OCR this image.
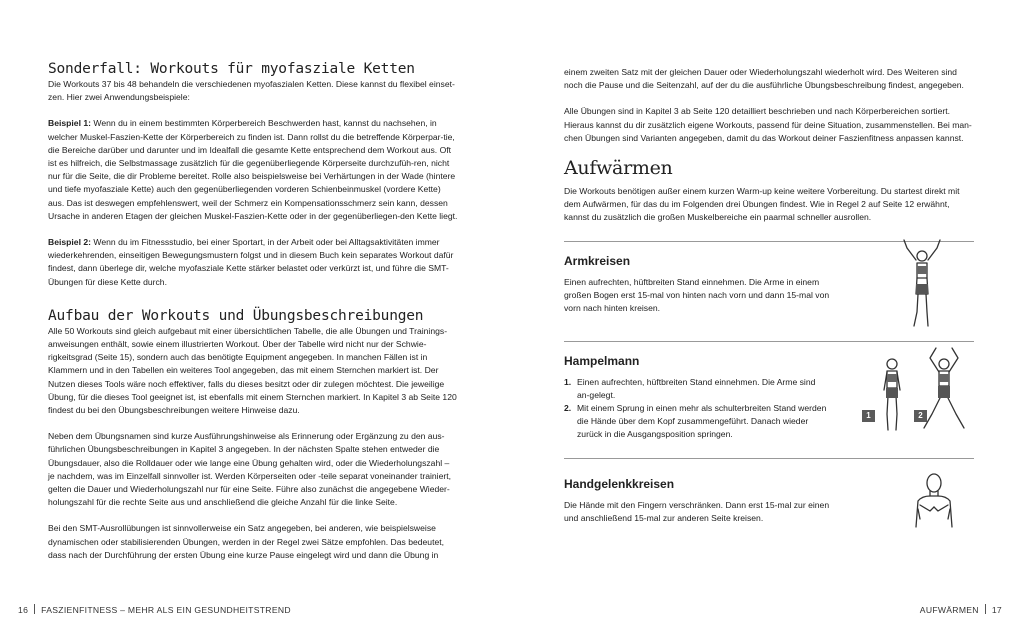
Sonderfall: Workouts für myofasziale Ketten

Die Workouts 37 bis 48 behandeln die verschiedenen myofaszialen Ketten. Diese kannst du flexibel einset-zen. Hier zwei Anwendungsbeispiele:

Beispiel 1: Wenn du in einem bestimmten Körperbereich Beschwerden hast, kannst du nachsehen, in welcher Muskel-Faszien-Kette der Körperbereich zu finden ist. Dann rollst du die betreffende Körperpar-tie, die Bereiche darüber und darunter und im Idealfall die gesamte Kette entsprechend dem Workout aus. Oft ist es hilfreich, die Selbstmassage zusätzlich für die gegenüberliegende Körperseite durchzufüh-ren, nicht nur für die Seite, die dir Probleme bereitet. Rolle also beispielsweise bei Verhärtungen in der Wade (hintere und tiefe myofasziale Kette) auch den gegenüberliegenden vorderen Schienbeinmuskel (vordere Kette) aus. Das ist deswegen empfehlenswert, weil der Schmerz ein Kompensationsschmerz sein kann, dessen Ursache in anderen Etagen der gleichen Muskel-Faszien-Kette oder in der gegenüberliegen-den Kette liegt.

Beispiel 2: Wenn du im Fitnessstudio, bei einer Sportart, in der Arbeit oder bei Alltagsaktivitäten immer wiederkehrenden, einseitigen Bewegungsmustern folgst und in diesem Buch kein separates Workout dafür findest, dann überlege dir, welche myofasziale Kette stärker belastet oder verkürzt ist, und führe die SMT-Übungen für diese Kette durch.

Aufbau der Workouts und Übungsbeschreibungen

Alle 50 Workouts sind gleich aufgebaut mit einer übersichtlichen Tabelle, die alle Übungen und Trainings-anweisungen enthält, sowie einem illustrierten Workout. Über der Tabelle wird nicht nur der Schwie-rigkeitsgrad (Seite 15), sondern auch das benötigte Equipment angegeben. In manchen Fällen ist in Klammern und in den Tabellen ein weiteres Tool angegeben, das mit einem Sternchen markiert ist. Der Nutzen dieses Tools wäre noch effektiver, falls du dieses besitzt oder dir zulegen möchtest. Die jeweilige Übung, für die dieses Tool geeignet ist, ist ebenfalls mit einem Sternchen markiert. In Kapitel 3 ab Seite 120 findest du bei den Übungsbeschreibungen weitere Hinweise dazu.

Neben dem Übungsnamen sind kurze Ausführungshinweise als Erinnerung oder Ergänzung zu den aus-führlichen Übungsbeschreibungen in Kapitel 3 angegeben. In der nächsten Spalte stehen entweder die Übungsdauer, also die Rolldauer oder wie lange eine Übung gehalten wird, oder die Wiederholungszahl – je nachdem, was im Einzelfall sinnvoller ist. Werden Körperseiten oder -teile separat voneinander trainiert, gelten die Dauer und Wiederholungszahl nur für eine Seite. Führe also zunächst die angegebene Wieder-holungszahl für die rechte Seite aus und anschließend die gleiche Anzahl für die linke Seite.

Bei den SMT-Ausrollübungen ist sinnvollerweise ein Satz angegeben, bei anderen, wie beispielsweise dynamischen oder stabilisierenden Übungen, werden in der Regel zwei Sätze empfohlen. Das bedeutet, dass nach der Durchführung der ersten Übung eine kurze Pause eingelegt wird und dann die Übung in

16 FASZIENFITNESS – MEHR ALS EIN GESUNDHEITSTREND

einem zweiten Satz mit der gleichen Dauer oder Wiederholungszahl wiederholt wird. Des Weiteren sind noch die Pause und die Seitenzahl, auf der du die ausführliche Übungsbeschreibung findest, angegeben.

Alle Übungen sind in Kapitel 3 ab Seite 120 detailliert beschrieben und nach Körperbereichen sortiert. Hieraus kannst du dir zusätzlich eigene Workouts, passend für deine Situation, zusammenstellen. Bei man-chen Übungen sind Varianten angegeben, damit du das Workout deiner Faszienfitness anpassen kannst.

Aufwärmen

Die Workouts benötigen außer einem kurzen Warm-up keine weitere Vorbereitung. Du startest direkt mit dem Aufwärmen, für das du im Folgenden drei Übungen findest. Wie in Regel 2 auf Seite 12 erwähnt, kannst du zusätzlich die großen Muskelbereiche ein paarmal schneller ausrollen.

Armkreisen

Einen aufrechten, hüftbreiten Stand einnehmen. Die Arme in einem großen Bogen erst 15-mal von hinten nach vorn und dann 15-mal von vorn nach hinten kreisen.

Hampelmann
1. Einen aufrechten, hüftbreiten Stand einnehmen. Die Arme sind an-gelegt.
2. Mit einem Sprung in einen mehr als schulterbreiten Stand werden die Hände über dem Kopf zusammengeführt. Danach wieder zurück in die Ausgangsposition springen.
1	2
Handgelenkkreisen

Die Hände mit den Fingern verschränken. Dann erst 15-mal zur einen und anschließend 15-mal zur anderen Seite kreisen.

AUFWÄRMEN 17
